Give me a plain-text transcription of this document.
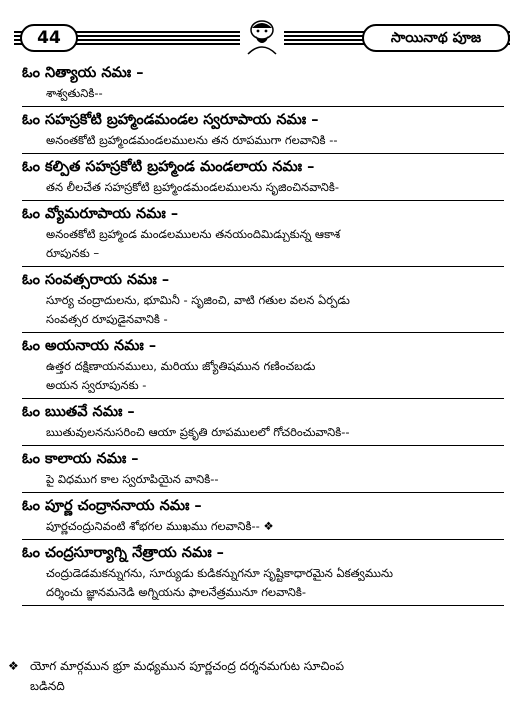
44	సాయినాథ పూజ
ఓం నిత్యాయ నమః –
శాశ్వతునికి--
ఓం సహస్రకోటి బ్రహ్మాండమండల స్వరూపాయ నమః –
అనంతకోటి బ్రహ్మాండమండలములను తన రూపముగా గలవానికి --
ఓం కల్పిత సహస్రకోటి బ్రహ్మాండ మండలాయ నమః –
తన లీలచేత సహస్రకోటి బ్రహ్మాండమండలములను సృజించినవానికి-
ఓం వ్యోమరూపాయ నమః –
అనంతకోటి బ్రహ్మాండ మండలములను తనయందిమిడ్చుకున్న ఆకాశ
రూపునకు –
ఓం సంవత్సరాయ నమః –
సూర్య చంద్రాదులను, భూమినీ - సృజించి, వాటి గతుల వలన ఏర్పడు
సంవత్సర రూపుడైనవానికి -
ఓం అయనాయ నమః –
ఉత్తర దక్షిణాయనములు, మరియు జ్యోతిషమున గణించబడు
అయన స్వరూపునకు -
ఓం ఋతవే నమః –
ఋతువులననుసరించి ఆయా ప్రకృతి రూపములలో గోచరించువానికి--
ఓం కాలాయ నమః –
పై విధముగ కాల స్వరూపియైన వానికి--
ఓం పూర్ణ చంద్రాననాయ నమః –
పూర్ణచంద్రునివంటి శోభగల ముఖము గలవానికి-- ❖
ఓం చంద్రసూర్యాగ్ని నేత్రాయ నమః –
చంద్రుడెడమకన్నుగను, సూర్యుడు కుడికన్నుగనూ సృష్టికాధారమైన ఏకత్వమును
దర్శించు జ్ఞానమనెడి అగ్నియను ఫాలనేత్రమునూ గలవానికి-
❖ యోగ మార్గమున భ్రూ మధ్యమున పూర్ణచంద్ర దర్శనమగుట సూచింప
బడినది
